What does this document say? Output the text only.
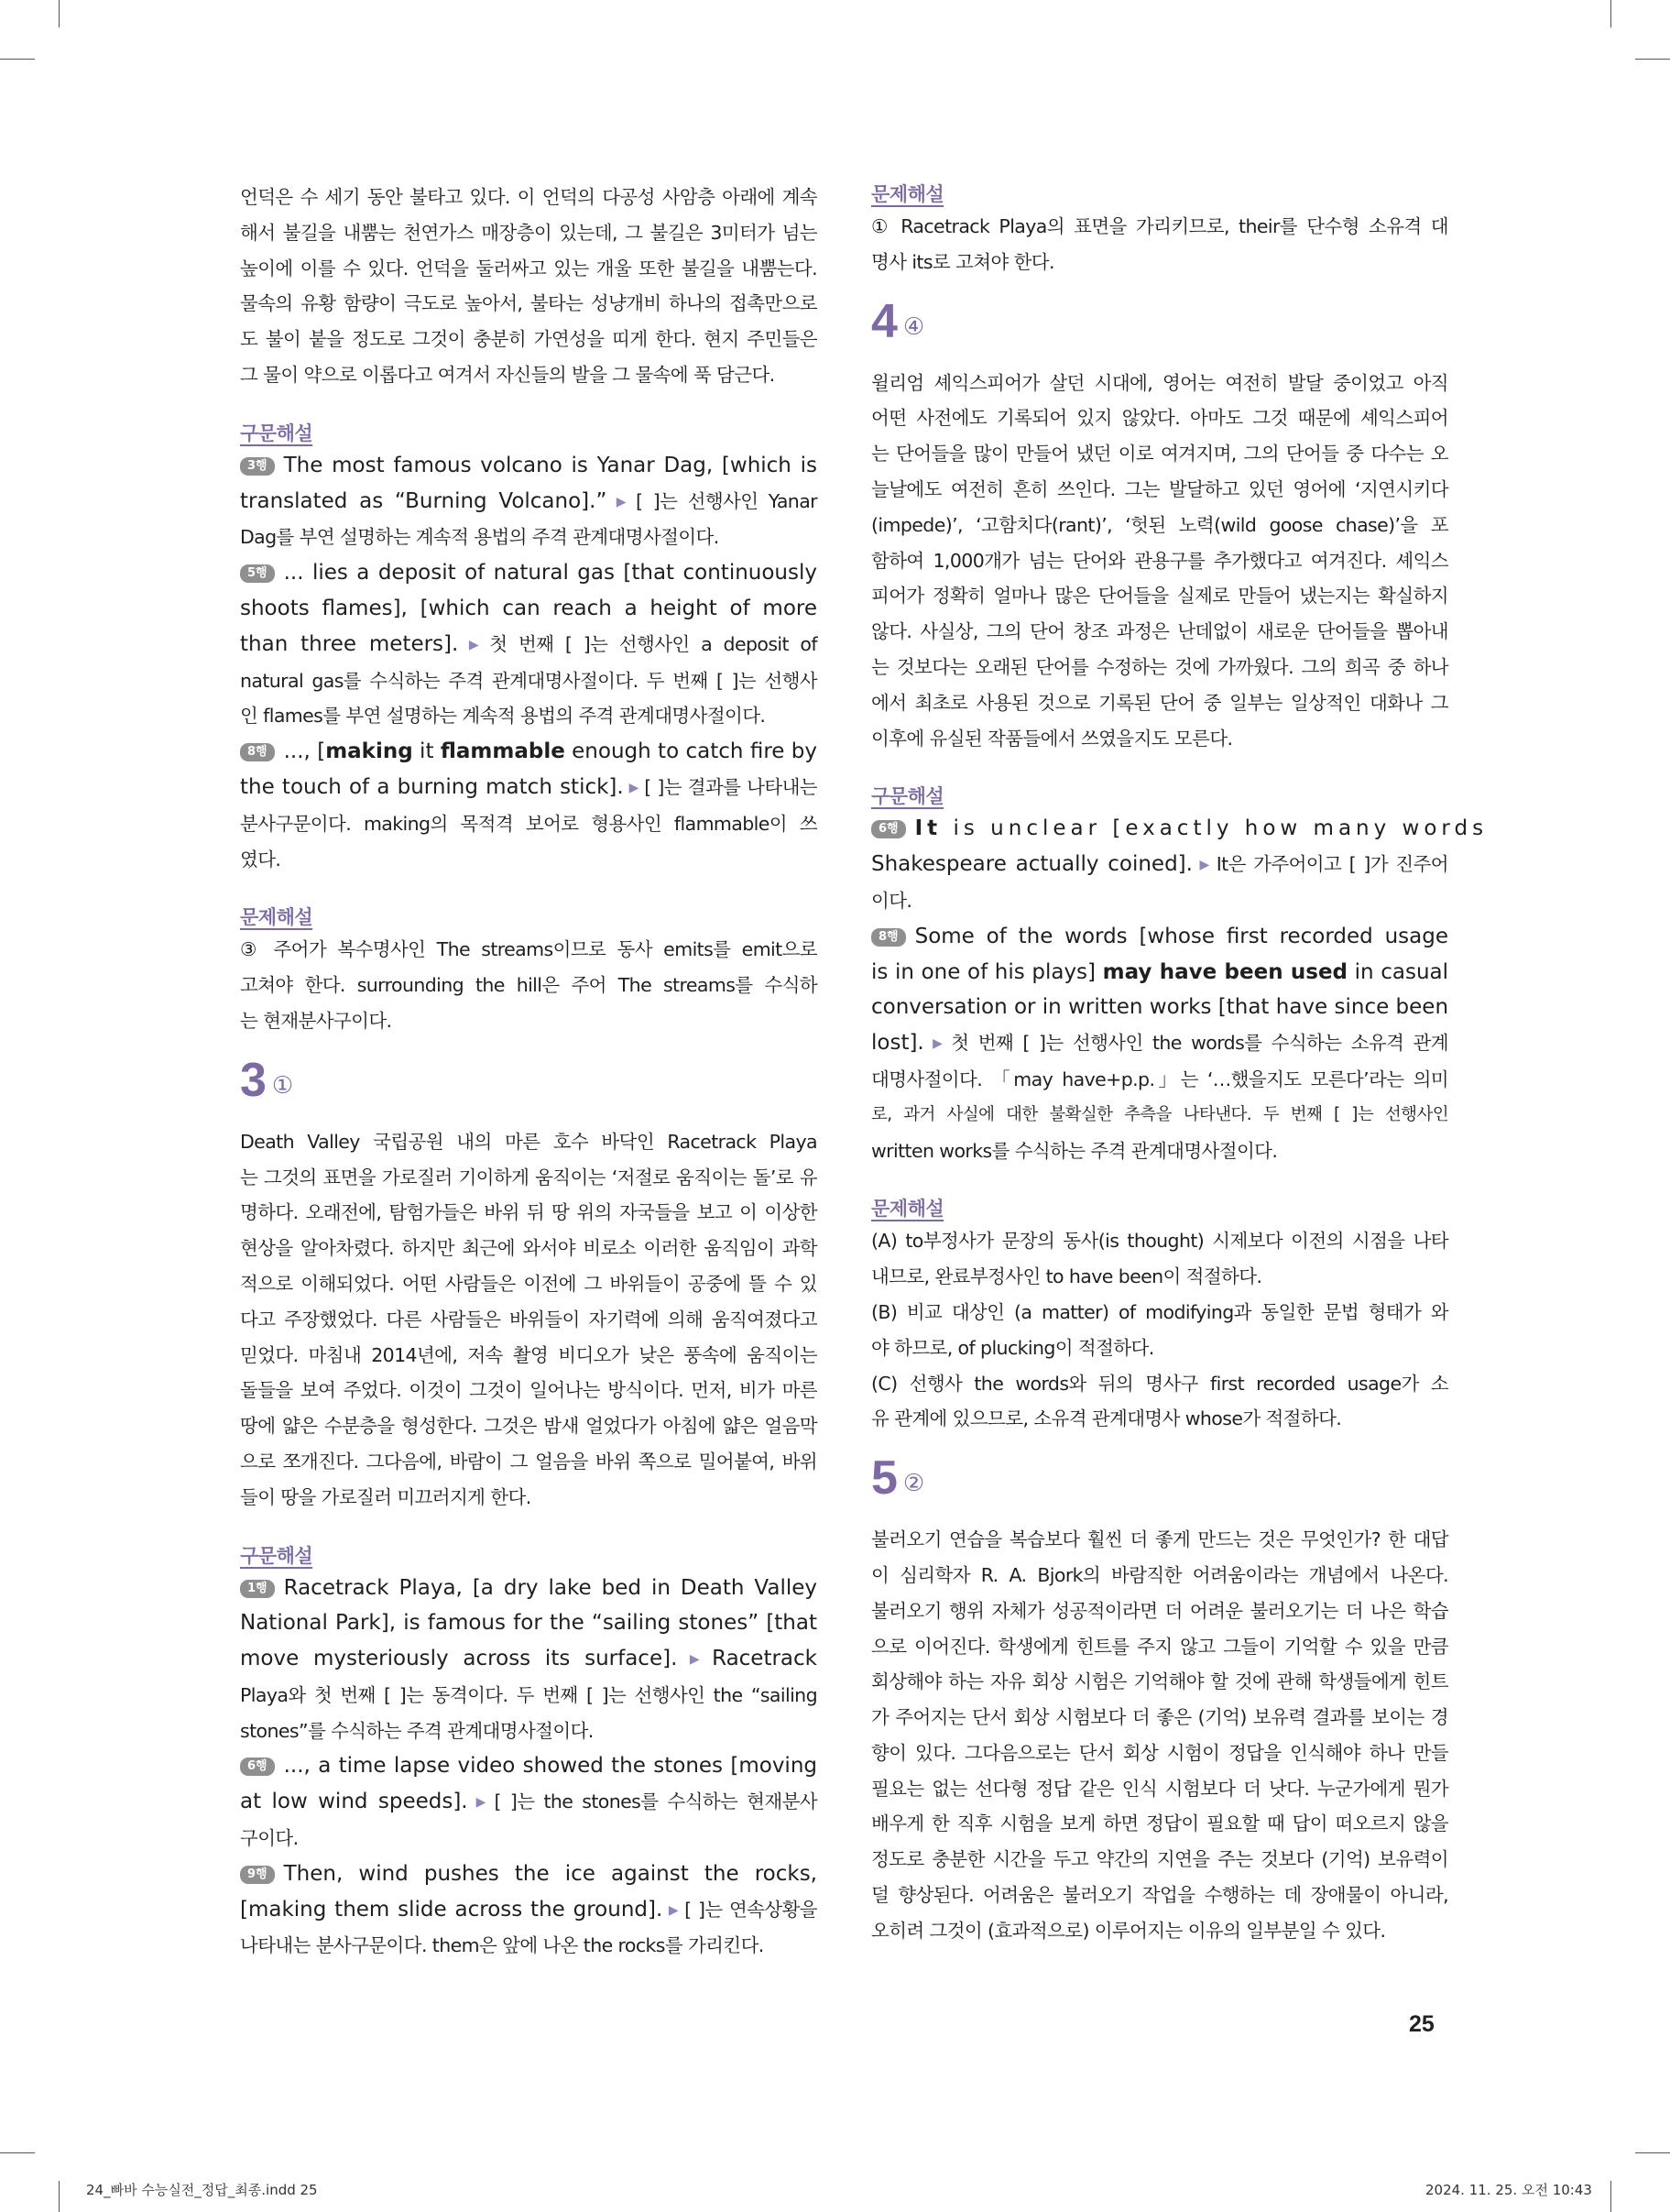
언덕은 수 세기 동안 불타고 있다. 이 언덕의 다공성 사암층 아래에 계속

해서 불길을 내뿜는 천연가스 매장층이 있는데, 그 불길은 3미터가 넘는

높이에 이를 수 있다. 언덕을 둘러싸고 있는 개울 또한 불길을 내뿜는다.

물속의 유황 함량이 극도로 높아서, 불타는 성냥개비 하나의 접촉만으로

도 불이 붙을 정도로 그것이 충분히 가연성을 띠게 한다. 현지 주민들은

그 물이 약으로 이롭다고 여겨서 자신들의 발을 그 물속에 푹 담근다.

구문해설

3행 The most famous volcano is Yanar Dag, [which is

translated as “Burning Volcano].” ▶ [ ]는 선행사인 Yanar

Dag를 부연 설명하는 계속적 용법의 주격 관계대명사절이다.

5행 ... lies a deposit of natural gas [that continuously

shoots flames], [which can reach a height of more

than three meters]. ▶ 첫 번째 [ ]는 선행사인 a deposit of

natural gas를 수식하는 주격 관계대명사절이다. 두 번째 [ ]는 선행사

인 flames를 부연 설명하는 계속적 용법의 주격 관계대명사절이다.

8행 ..., [making it flammable enough to catch fire by

the touch of a burning match stick]. ▶ [ ]는 결과를 나타내는

분사구문이다. making의 목적격 보어로 형용사인 flammable이 쓰

였다.

문제해설

③ 주어가 복수명사인 The streams이므로 동사 emits를 emit으로

고쳐야 한다. surrounding the hill은 주어 The streams를 수식하

는 현재분사구이다.

3 ①

Death Valley 국립공원 내의 마른 호수 바닥인 Racetrack Playa

는 그것의 표면을 가로질러 기이하게 움직이는 ‘저절로 움직이는 돌’로 유

명하다. 오래전에, 탐험가들은 바위 뒤 땅 위의 자국들을 보고 이 이상한

현상을 알아차렸다. 하지만 최근에 와서야 비로소 이러한 움직임이 과학

적으로 이해되었다. 어떤 사람들은 이전에 그 바위들이 공중에 뜰 수 있

다고 주장했었다. 다른 사람들은 바위들이 자기력에 의해 움직여졌다고

믿었다. 마침내 2014년에, 저속 촬영 비디오가 낮은 풍속에 움직이는

돌들을 보여 주었다. 이것이 그것이 일어나는 방식이다. 먼저, 비가 마른

땅에 얇은 수분층을 형성한다. 그것은 밤새 얼었다가 아침에 얇은 얼음막

으로 쪼개진다. 그다음에, 바람이 그 얼음을 바위 쪽으로 밀어붙여, 바위

들이 땅을 가로질러 미끄러지게 한다.

구문해설

1행 Racetrack Playa, [a dry lake bed in Death Valley

National Park], is famous for the “sailing stones” [that

move mysteriously across its surface]. ▶ Racetrack

Playa와 첫 번째 [ ]는 동격이다. 두 번째 [ ]는 선행사인 the “sailing

stones”를 수식하는 주격 관계대명사절이다.

6행 ..., a time lapse video showed the stones [moving

at low wind speeds]. ▶ [ ]는 the stones를 수식하는 현재분사

구이다.

9행 Then, wind pushes the ice against the rocks,

[making them slide across the ground]. ▶ [ ]는 연속상황을

나타내는 분사구문이다. them은 앞에 나온 the rocks를 가리킨다.

문제해설

① Racetrack Playa의 표면을 가리키므로, their를 단수형 소유격 대

명사 its로 고쳐야 한다.

4 ④

윌리엄 셰익스피어가 살던 시대에, 영어는 여전히 발달 중이었고 아직

어떤 사전에도 기록되어 있지 않았다. 아마도 그것 때문에 셰익스피어

는 단어들을 많이 만들어 냈던 이로 여겨지며, 그의 단어들 중 다수는 오

늘날에도 여전히 흔히 쓰인다. 그는 발달하고 있던 영어에 ‘지연시키다

(impede)’, ‘고함치다(rant)’, ‘헛된 노력(wild goose chase)’을 포

함하여 1,000개가 넘는 단어와 관용구를 추가했다고 여겨진다. 셰익스

피어가 정확히 얼마나 많은 단어들을 실제로 만들어 냈는지는 확실하지

않다. 사실상, 그의 단어 창조 과정은 난데없이 새로운 단어들을 뽑아내

는 것보다는 오래된 단어를 수정하는 것에 가까웠다. 그의 희곡 중 하나

에서 최초로 사용된 것으로 기록된 단어 중 일부는 일상적인 대화나 그

이후에 유실된 작품들에서 쓰였을지도 모른다.

구문해설

6행 It is unclear [exactly how many words

Shakespeare actually coined]. ▶ It은 가주어이고 [ ]가 진주어

이다.

8행 Some of the words [whose first recorded usage

is in one of his plays] may have been used in casual

conversation or in written works [that have since been

lost]. ▶ 첫 번째 [ ]는 선행사인 the words를 수식하는 소유격 관계

대명사절이다. 「may have+p.p.」는 ‘…했을지도 모른다’라는 의미

로, 과거 사실에 대한 불확실한 추측을 나타낸다. 두 번째 [ ]는 선행사인

written works를 수식하는 주격 관계대명사절이다.

문제해설

(A) to부정사가 문장의 동사(is thought) 시제보다 이전의 시점을 나타

내므로, 완료부정사인 to have been이 적절하다.

(B) 비교 대상인 (a matter) of modifying과 동일한 문법 형태가 와

야 하므로, of plucking이 적절하다.

(C) 선행사 the words와 뒤의 명사구 first recorded usage가 소

유 관계에 있으므로, 소유격 관계대명사 whose가 적절하다.

5 ②

불러오기 연습을 복습보다 훨씬 더 좋게 만드는 것은 무엇인가? 한 대답

이 심리학자 R. A. Bjork의 바람직한 어려움이라는 개념에서 나온다.

불러오기 행위 자체가 성공적이라면 더 어려운 불러오기는 더 나은 학습

으로 이어진다. 학생에게 힌트를 주지 않고 그들이 기억할 수 있을 만큼

회상해야 하는 자유 회상 시험은 기억해야 할 것에 관해 학생들에게 힌트

가 주어지는 단서 회상 시험보다 더 좋은 (기억) 보유력 결과를 보이는 경

향이 있다. 그다음으로는 단서 회상 시험이 정답을 인식해야 하나 만들

필요는 없는 선다형 정답 같은 인식 시험보다 더 낫다. 누군가에게 뭔가

배우게 한 직후 시험을 보게 하면 정답이 필요할 때 답이 떠오르지 않을

정도로 충분한 시간을 두고 약간의 지연을 주는 것보다 (기억) 보유력이

덜 향상된다. 어려움은 불러오기 작업을 수행하는 데 장애물이 아니라,

오히려 그것이 (효과적으로) 이루어지는 이유의 일부분일 수 있다.

25
24_빠바 수능실전_정답_최종.indd 25	2024. 11. 25. 오전 10:43
